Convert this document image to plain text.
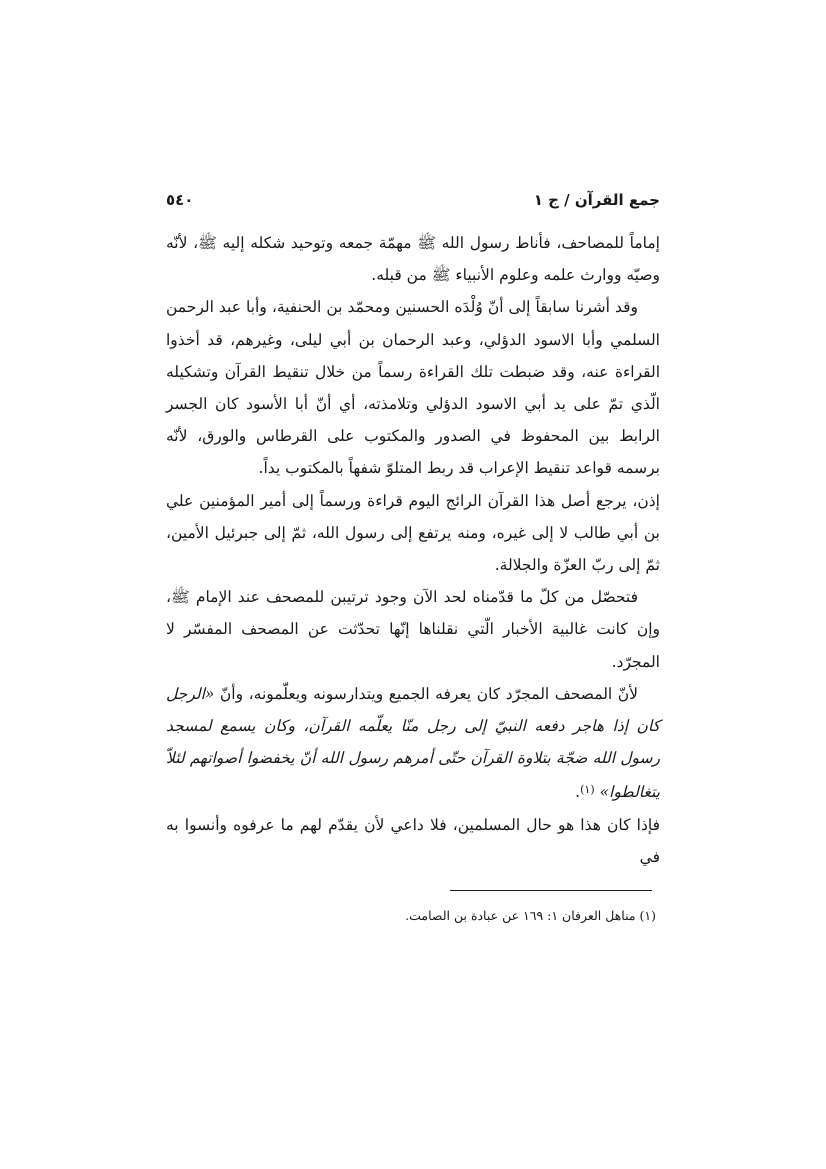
جمع القرآن / ج ١
٥٤٠

إماماً للمصاحف، فأناط رسول الله ﷺ مهمّة جمعه وتوحيد شكله إليه ﷺ، لأنّه وصيّه ووارث علمه وعلوم الأنبياء ﷺ من قبله.

وقد أشرنا سابقاً إلى أنّ وُلْدَه الحسنين ومحمّد بن الحنفية، وأبا عبد الرحمن السلمي وأبا الاسود الدؤلي، وعبد الرحمان بن أبي ليلى، وغيرهم، قد أخذوا القراءة عنه، وقد ضبطت تلك القراءة رسماً من خلال تنقيط القرآن وتشكيله الّذي تمّ على يد أبي الاسود الدؤلي وتلامذته، أي أنّ أبا الأسود كان الجسر الرابط بين المحفوظ في الصدور والمكتوب على القرطاس والورق، لأنّه برسمه قواعد تنقيط الإعراب قد ربط المتلوّ شفهاً بالمكتوب يداً.

إذن، يرجع أصل هذا القرآن الرائج اليوم قراءة ورسماً إلى أمير المؤمنين علي بن أبي طالب لا إلى غيره، ومنه يرتفع إلى رسول الله، ثمّ إلى جبرئيل الأمين، ثمّ إلى ربّ العزّة والجلالة.

فتحصّل من كلّ ما قدّمناه لحد الآن وجود ترتيبن للمصحف عند الإمام ﷺ، وإن كانت غالبية الأخبار الّتي نقلناها إنّها تحدّثت عن المصحف المفسّر لا المجرّد.

لأنّ المصحف المجرّد كان يعرفه الجميع ويتدارسونه ويعلّمونه، وأنّ «الرجل كان إذا هاجر دفعه النبيّ إلى رجل منّا يعلّمه القرآن، وكان يسمع لمسجد رسول الله ضجّة بتلاوة القرآن حتّى أمرهم رسول الله أنّ يخفضوا أصواتهم لئلاّ يتغالطوا» $^{(١)}$.

فإذا كان هذا هو حال المسلمين، فلا داعي لأن يقدّم لهم ما عرفوه وأنسوا به في

(١) مناهل العرفان ١: ١٦٩ عن عبادة بن الصامت.
